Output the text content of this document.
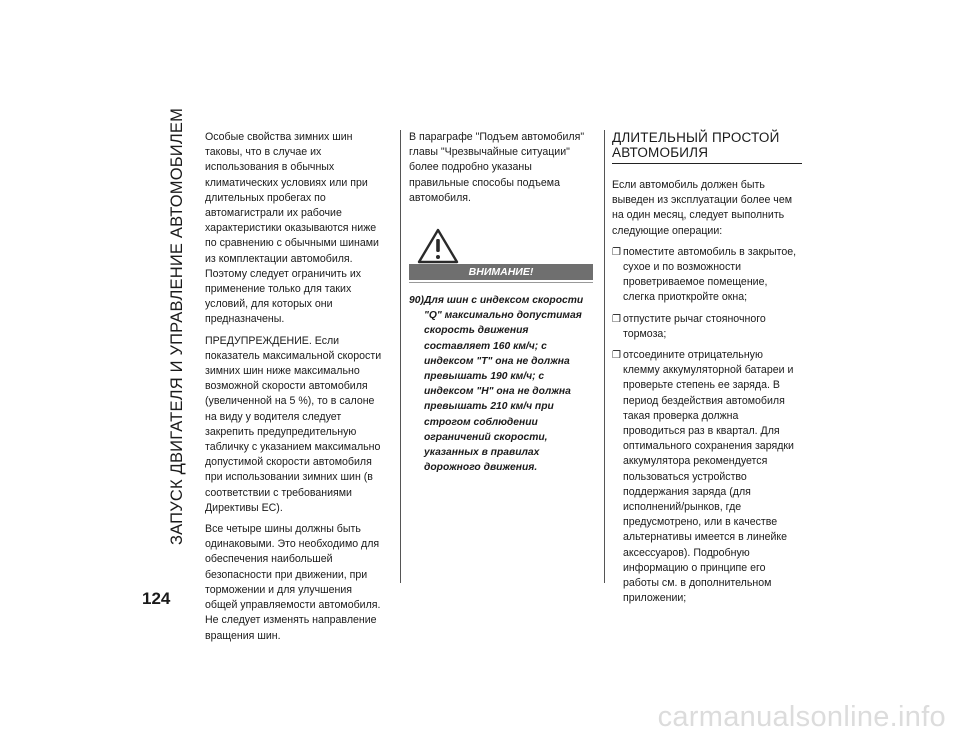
ЗАПУСК ДВИГАТЕЛЯ И УПРАВЛЕНИЕ АВТОМОБИЛЕМ Особые свойства зимних шин таковы, что в случае их использования в обычных климатических условиях или при длительных пробегах по автомагистрали их рабочие характеристики оказываются ниже по сравнению с обычными шинами из комплектации автомобиля. Поэтому следует ограничить их применение только для таких условий, для которых они предназначены.

ПРЕДУПРЕЖДЕНИЕ. Если показатель максимальной скорости зимних шин ниже максимально возможной скорости автомобиля (увеличенной на 5 %), то в салоне на виду у водителя следует закрепить предупредительную табличку с указанием максимально допустимой скорости автомобиля при использовании зимних шин (в соответствии с требованиями Директивы ЕС).

Все четыре шины должны быть одинаковыми. Это необходимо для обеспечения наибольшей безопасности при движении, при торможении и для улучшения общей управляемости автомобиля. Не следует изменять направление вращения шин.

В параграфе "Подъем автомобиля" главы "Чрезвычайные ситуации" более подробно указаны правильные способы подъема автомобиля.

ВНИМАНИЕ!
90) Для шин с индексом скорости "Q" максимально допустимая скорость движения составляет 160 км/ч; с индексом "T" она не должна превышать 190 км/ч; с индексом "H" она не должна превышать 210 км/ч при строгом соблюдении ограничений скорости, указанных в правилах дорожного движения.
ДЛИТЕЛЬНЫЙ ПРОСТОЙ АВТОМОБИЛЯ

Если автомобиль должен быть выведен из эксплуатации более чем на один месяц, следует выполнить следующие операции:

❐ поместите автомобиль в закрытое, сухое и по возможности проветриваемое помещение, слегка приоткройте окна;
❐ отпустите рычаг стояночного тормоза;
❐ отсоедините отрицательную клемму аккумуляторной батареи и проверьте степень ее заряда. В период бездействия автомобиля такая проверка должна проводиться раз в квартал. Для оптимального сохранения зарядки аккумулятора рекомендуется пользоваться устройство поддержания заряда (для исполнений/рынков, где предусмотрено, или в качестве альтернативы имеется в линейке аксессуаров). Подробную информацию о принципе его работы см. в дополнительном приложении;
124
carmanualsonline.info
